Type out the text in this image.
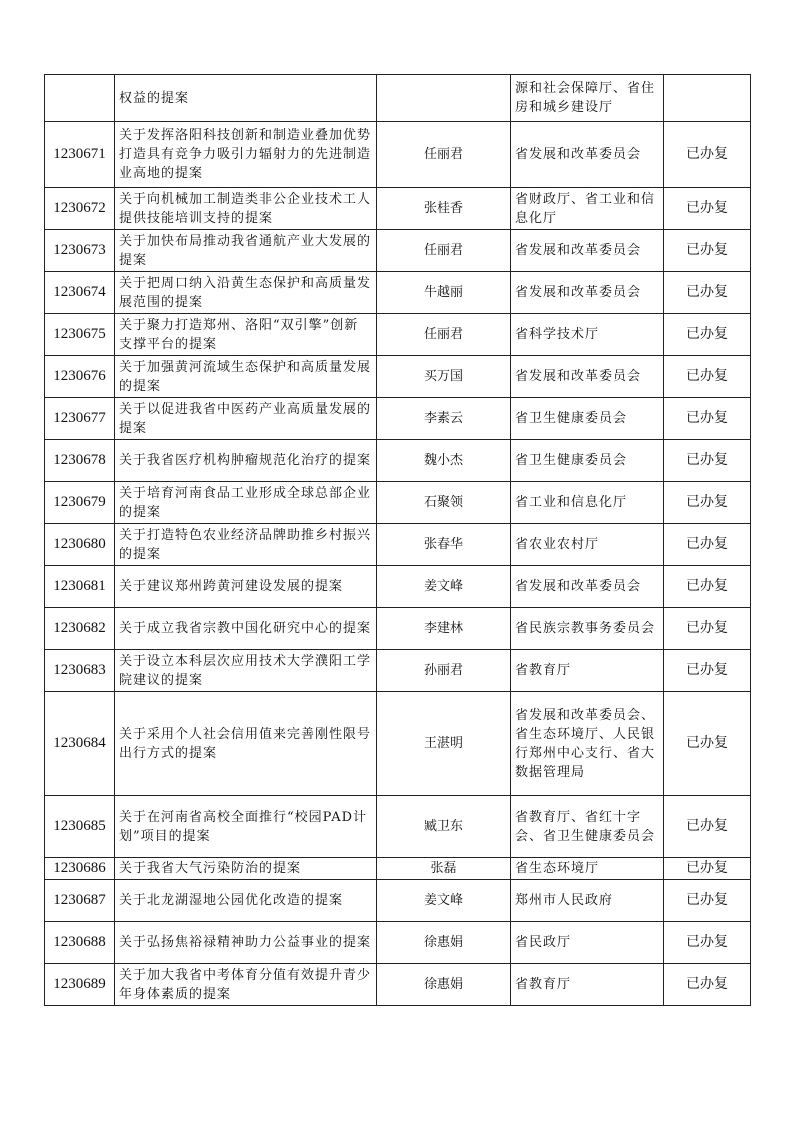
	权益的提案		源和社会保障厅、省住房和城乡建设厅	
1230671	关于发挥洛阳科技创新和制造业叠加优势打造具有竞争力吸引力辐射力的先进制造业高地的提案	任丽君	省发展和改革委员会	已办复
1230672	关于向机械加工制造类非公企业技术工人提供技能培训支持的提案	张桂香	省财政厅、省工业和信息化厅	已办复
1230673	关于加快布局推动我省通航产业大发展的提案	任丽君	省发展和改革委员会	已办复
1230674	关于把周口纳入沿黄生态保护和高质量发展范围的提案	牛越丽	省发展和改革委员会	已办复
1230675	关于聚力打造郑州、洛阳“双引擎”创新支撑平台的提案	任丽君	省科学技术厅	已办复
1230676	关于加强黄河流域生态保护和高质量发展的提案	买万国	省发展和改革委员会	已办复
1230677	关于以促进我省中医药产业高质量发展的提案	李素云	省卫生健康委员会	已办复
1230678	关于我省医疗机构肿瘤规范化治疗的提案	魏小杰	省卫生健康委员会	已办复
1230679	关于培育河南食品工业形成全球总部企业的提案	石聚领	省工业和信息化厅	已办复
1230680	关于打造特色农业经济品牌助推乡村振兴的提案	张春华	省农业农村厅	已办复
1230681	关于建议郑州跨黄河建设发展的提案	姜文峰	省发展和改革委员会	已办复
1230682	关于成立我省宗教中国化研究中心的提案	李建林	省民族宗教事务委员会	已办复
1230683	关于设立本科层次应用技术大学濮阳工学院建议的提案	孙丽君	省教育厅	已办复
1230684	关于采用个人社会信用值来完善刚性限号出行方式的提案	王湛明	省发展和改革委员会、省生态环境厅、人民银行郑州中心支行、省大数据管理局	已办复
1230685	关于在河南省高校全面推行“校园PAD计划”项目的提案	臧卫东	省教育厅、省红十字会、省卫生健康委员会	已办复
1230686	关于我省大气污染防治的提案	张磊	省生态环境厅	已办复
1230687	关于北龙湖湿地公园优化改造的提案	姜文峰	郑州市人民政府	已办复
1230688	关于弘扬焦裕禄精神助力公益事业的提案	徐惠娟	省民政厅	已办复
1230689	关于加大我省中考体育分值有效提升青少年身体素质的提案	徐惠娟	省教育厅	已办复
